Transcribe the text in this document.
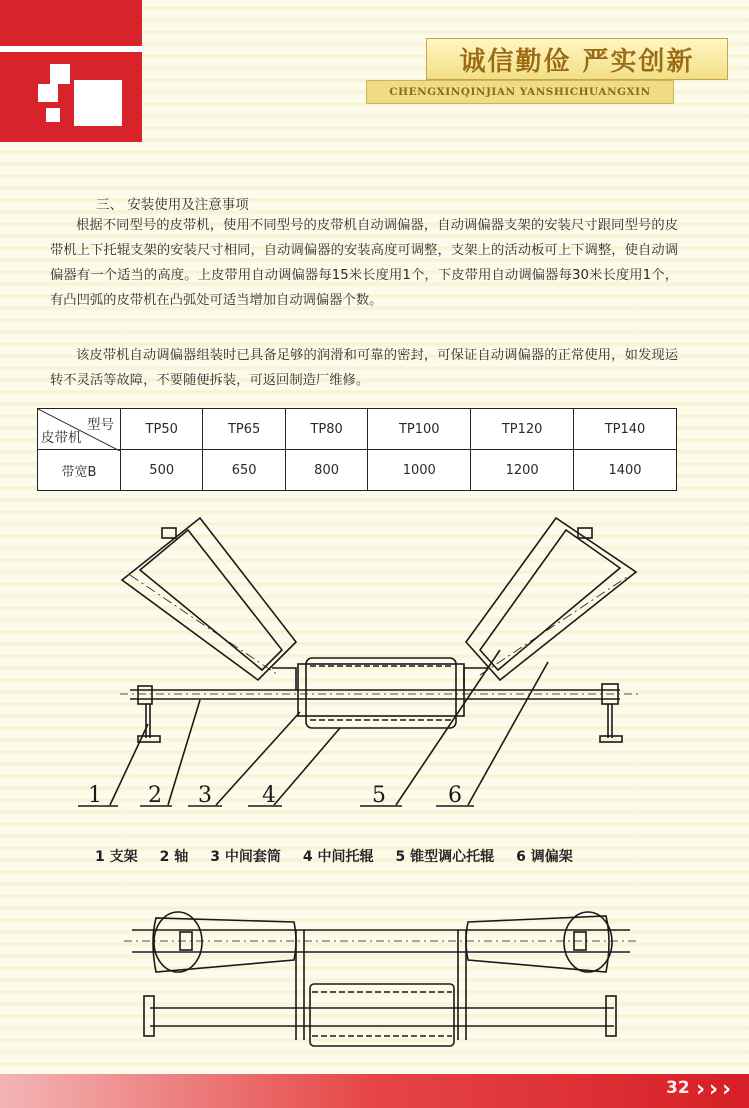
诚信勤俭 严实创新
CHENGXINQINJIAN YANSHICHUANGXIN
三、 安装使用及注意事项

根据不同型号的皮带机，使用不同型号的皮带机自动调偏器，自动调偏器支架的安装尺寸跟同型号的皮带机上下托辊支架的安装尺寸相同，自动调偏器的安装高度可调整，支架上的活动板可上下调整，使自动调偏器有一个适当的高度。上皮带用自动调偏器每15米长度用1个，下皮带用自动调偏器每30米长度用1个，有凸凹弧的皮带机在凸弧处可适当增加自动调偏器个数。

该皮带机自动调偏器组装时已具备足够的润滑和可靠的密封，可保证自动调偏器的正常使用，如发现运转不灵活等故障，不要随便拆装，可返回制造厂维修。

型号
皮带机	TP50	TP65	TP80	TP100	TP120	TP140
带宽B	500	650	800	1000	1200	1400
1 2 3 4	5	6
1 支架 2 轴 3 中间套筒 4 中间托辊 5 锥型调心托辊 6 调偏架
32 › › ›
